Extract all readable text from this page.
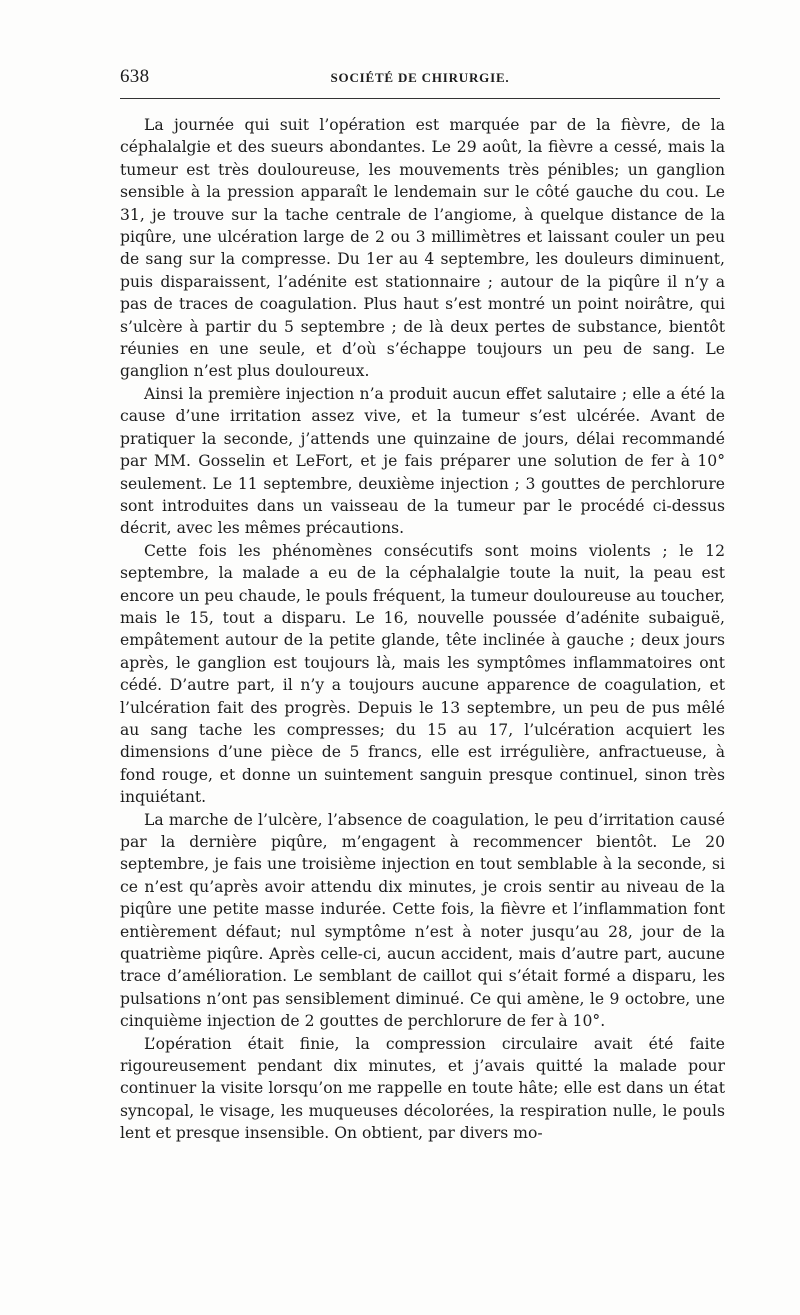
638	SOCIÉTÉ DE CHIRURGIE.

La journée qui suit l’opération est marquée par de la fièvre, de la céphalalgie et des sueurs abondantes. Le 29 août, la fièvre a cessé, mais la tumeur est très douloureuse, les mouvements très pénibles; un ganglion sensible à la pression apparaît le lendemain sur le côté gauche du cou. Le 31, je trouve sur la tache centrale de l’angiome, à quelque distance de la piqûre, une ulcération large de 2 ou 3 millimètres et laissant couler un peu de sang sur la compresse. Du 1er au 4 septembre, les douleurs diminuent, puis disparaissent, l’adénite est stationnaire ; autour de la piqûre il n’y a pas de traces de coagulation. Plus haut s’est montré un point noirâtre, qui s’ulcère à partir du 5 septembre ; de là deux pertes de substance, bientôt réunies en une seule, et d’où s’échappe toujours un peu de sang. Le ganglion n’est plus douloureux.

Ainsi la première injection n’a produit aucun effet salutaire ; elle a été la cause d’une irritation assez vive, et la tumeur s’est ulcérée. Avant de pratiquer la seconde, j’attends une quinzaine de jours, délai recommandé par MM. Gosselin et LeFort, et je fais préparer une solution de fer à 10° seulement. Le 11 septembre, deuxième injection ; 3 gouttes de perchlorure sont introduites dans un vaisseau de la tumeur par le procédé ci-dessus décrit, avec les mêmes précautions.

Cette fois les phénomènes consécutifs sont moins violents ; le 12 septembre, la malade a eu de la céphalalgie toute la nuit, la peau est encore un peu chaude, le pouls fréquent, la tumeur douloureuse au toucher, mais le 15, tout a disparu. Le 16, nouvelle poussée d’adénite subaiguë, empâtement autour de la petite glande, tête inclinée à gauche ; deux jours après, le ganglion est toujours là, mais les symptômes inflammatoires ont cédé. D’autre part, il n’y a toujours aucune apparence de coagulation, et l’ulcération fait des progrès. Depuis le 13 septembre, un peu de pus mêlé au sang tache les compresses; du 15 au 17, l’ulcération acquiert les dimensions d’une pièce de 5 francs, elle est irrégulière, anfractueuse, à fond rouge, et donne un suintement sanguin presque continuel, sinon très inquiétant.

La marche de l’ulcère, l’absence de coagulation, le peu d’irritation causé par la dernière piqûre, m’engagent à recommencer bientôt. Le 20 septembre, je fais une troisième injection en tout semblable à la seconde, si ce n’est qu’après avoir attendu dix minutes, je crois sentir au niveau de la piqûre une petite masse indurée. Cette fois, la fièvre et l’inflammation font entièrement défaut; nul symptôme n’est à noter jusqu’au 28, jour de la quatrième piqûre. Après celle-ci, aucun accident, mais d’autre part, aucune trace d’amélioration. Le semblant de caillot qui s’était formé a disparu, les pulsations n’ont pas sensiblement diminué. Ce qui amène, le 9 octobre, une cinquième injection de 2 gouttes de perchlorure de fer à 10°.

L’opération était finie, la compression circulaire avait été faite rigoureusement pendant dix minutes, et j’avais quitté la malade pour continuer la visite lorsqu’on me rappelle en toute hâte; elle est dans un état syncopal, le visage, les muqueuses décolorées, la respiration nulle, le pouls lent et presque insensible. On obtient, par divers mo-
